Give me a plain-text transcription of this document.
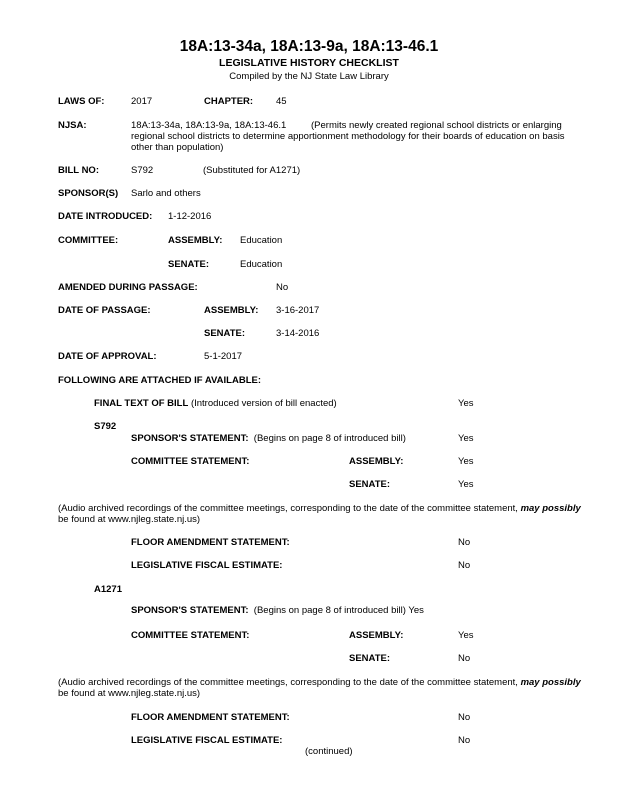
18A:13-34a, 18A:13-9a, 18A:13-46.1
LEGISLATIVE HISTORY CHECKLIST
Compiled by the NJ State Law Library
LAWS OF:	2017	CHAPTER: 45
NJSA:	18A:13-34a, 18A:13-9a, 18A:13-46.1	(Permits newly created regional school districts or enlarging
regional school districts to determine apportionment methodology for their boards of education on basis
other than population)
BILL NO:	S792	(Substituted for A1271)
SPONSOR(S) Sarlo and others
DATE INTRODUCED: 1-12-2016
COMMITTEE:	ASSEMBLY: Education
SENATE:	Education
AMENDED DURING PASSAGE:	No
DATE OF PASSAGE:	ASSEMBLY: 3-16-2017
SENATE:	3-14-2016
DATE OF APPROVAL:	5-1-2017
FOLLOWING ARE ATTACHED IF AVAILABLE:
FINAL TEXT OF BILL (Introduced version of bill enacted)	Yes
S792
SPONSOR'S STATEMENT: (Begins on page 8 of introduced bill)	Yes
COMMITTEE STATEMENT:	ASSEMBLY:	Yes
SENATE:	Yes
(Audio archived recordings of the committee meetings, corresponding to the date of the committee statement, may possibly
be found at www.njleg.state.nj.us)
FLOOR AMENDMENT STATEMENT:	No
LEGISLATIVE FISCAL ESTIMATE:	No
A1271
SPONSOR'S STATEMENT: (Begins on page 8 of introduced bill) Yes
COMMITTEE STATEMENT:	ASSEMBLY:	Yes
SENATE:	No
(Audio archived recordings of the committee meetings, corresponding to the date of the committee statement, may possibly
be found at www.njleg.state.nj.us)
FLOOR AMENDMENT STATEMENT:	No
LEGISLATIVE FISCAL ESTIMATE:	No
(continued)
